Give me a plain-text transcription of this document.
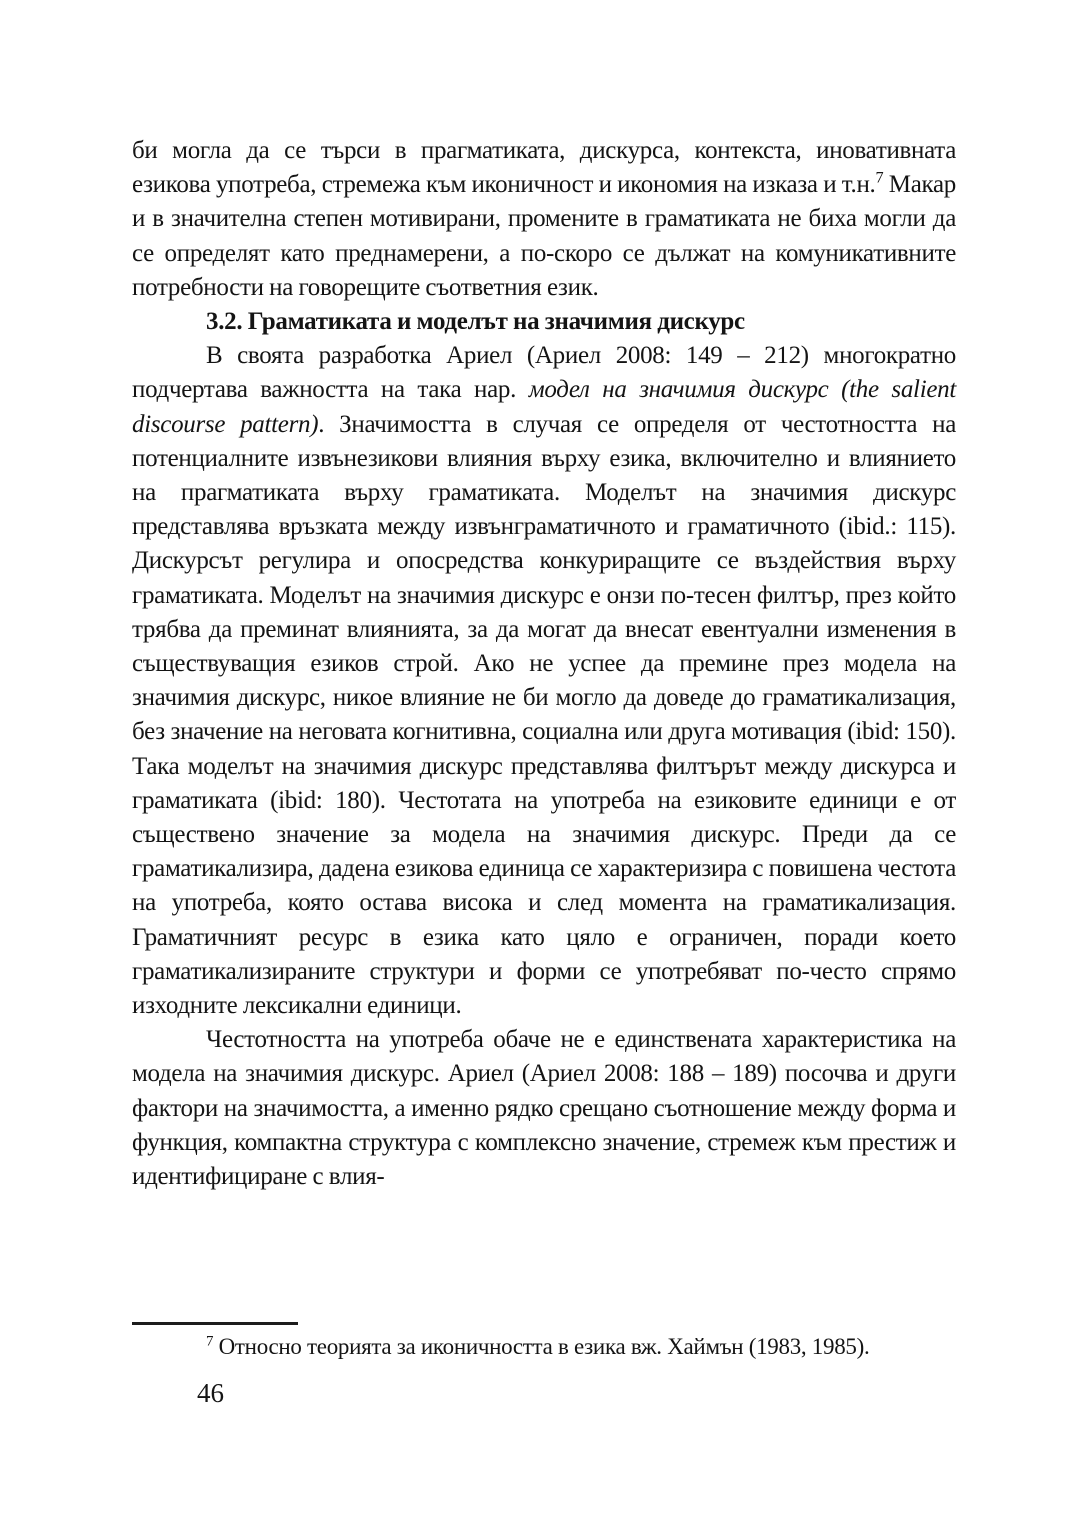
би могла да се търси в прагматиката, дискурса, контекста, иновативната езикова употреба, стремежа към иконичност и икономия на изказа и т.н.$^7$ Макар и в значителна степен мотивирани, промените в граматиката не биха могли да се определят като преднамерени, а по-скоро се дължат на комуникативните потребности на говорещите съответния език.

3.2. Граматиката и моделът на значимия дискурс

В своята разработка Ариел (Ариел 2008: 149 – 212) многократно подчертава важността на така нар. модел на значимия дискурс (the salient discourse pattern). Значимостта в случая се определя от честотността на потенциалните извънезикови влияния върху езика, включително и влиянието на прагматиката върху граматиката. Моделът на значимия дискурс представлява връзката между извънграматичното и граматичното (ibid.: 115). Дискурсът регулира и опосредства конкуриращите се въздействия върху граматиката. Моделът на значимия дискурс е онзи по-тесен филтър, през който трябва да преминат влиянията, за да могат да внесат евентуални изменения в съществуващия езиков строй. Ако не успее да премине през модела на значимия дискурс, никое влияние не би могло да доведе до граматикализация, без значение на неговата когнитивна, социална или друга мотивация (ibid: 150). Така моделът на значимия дискурс представлява филтърът между дискурса и граматиката (ibid: 180). Честотата на употреба на езиковите единици е от съществено значение за модела на значимия дискурс. Преди да се граматикализира, дадена езикова единица се характеризира с повишена честота на употреба, която остава висока и след момента на граматикализация. Граматичният ресурс в езика като цяло е ограничен, поради което граматикализираните структури и форми се употребяват по-често спрямо изходните лексикални единици.

Честотността на употреба обаче не е единствената характеристика на модела на значимия дискурс. Ариел (Ариел 2008: 188 – 189) посочва и други фактори на значимостта, а именно рядко срещано съотношение между форма и функция, компактна структура с комплексно значение, стремеж към престиж и идентифициране с влия-

$^7$ Относно теорията за иконичността в езика вж. Хаймън (1983, 1985).

46
